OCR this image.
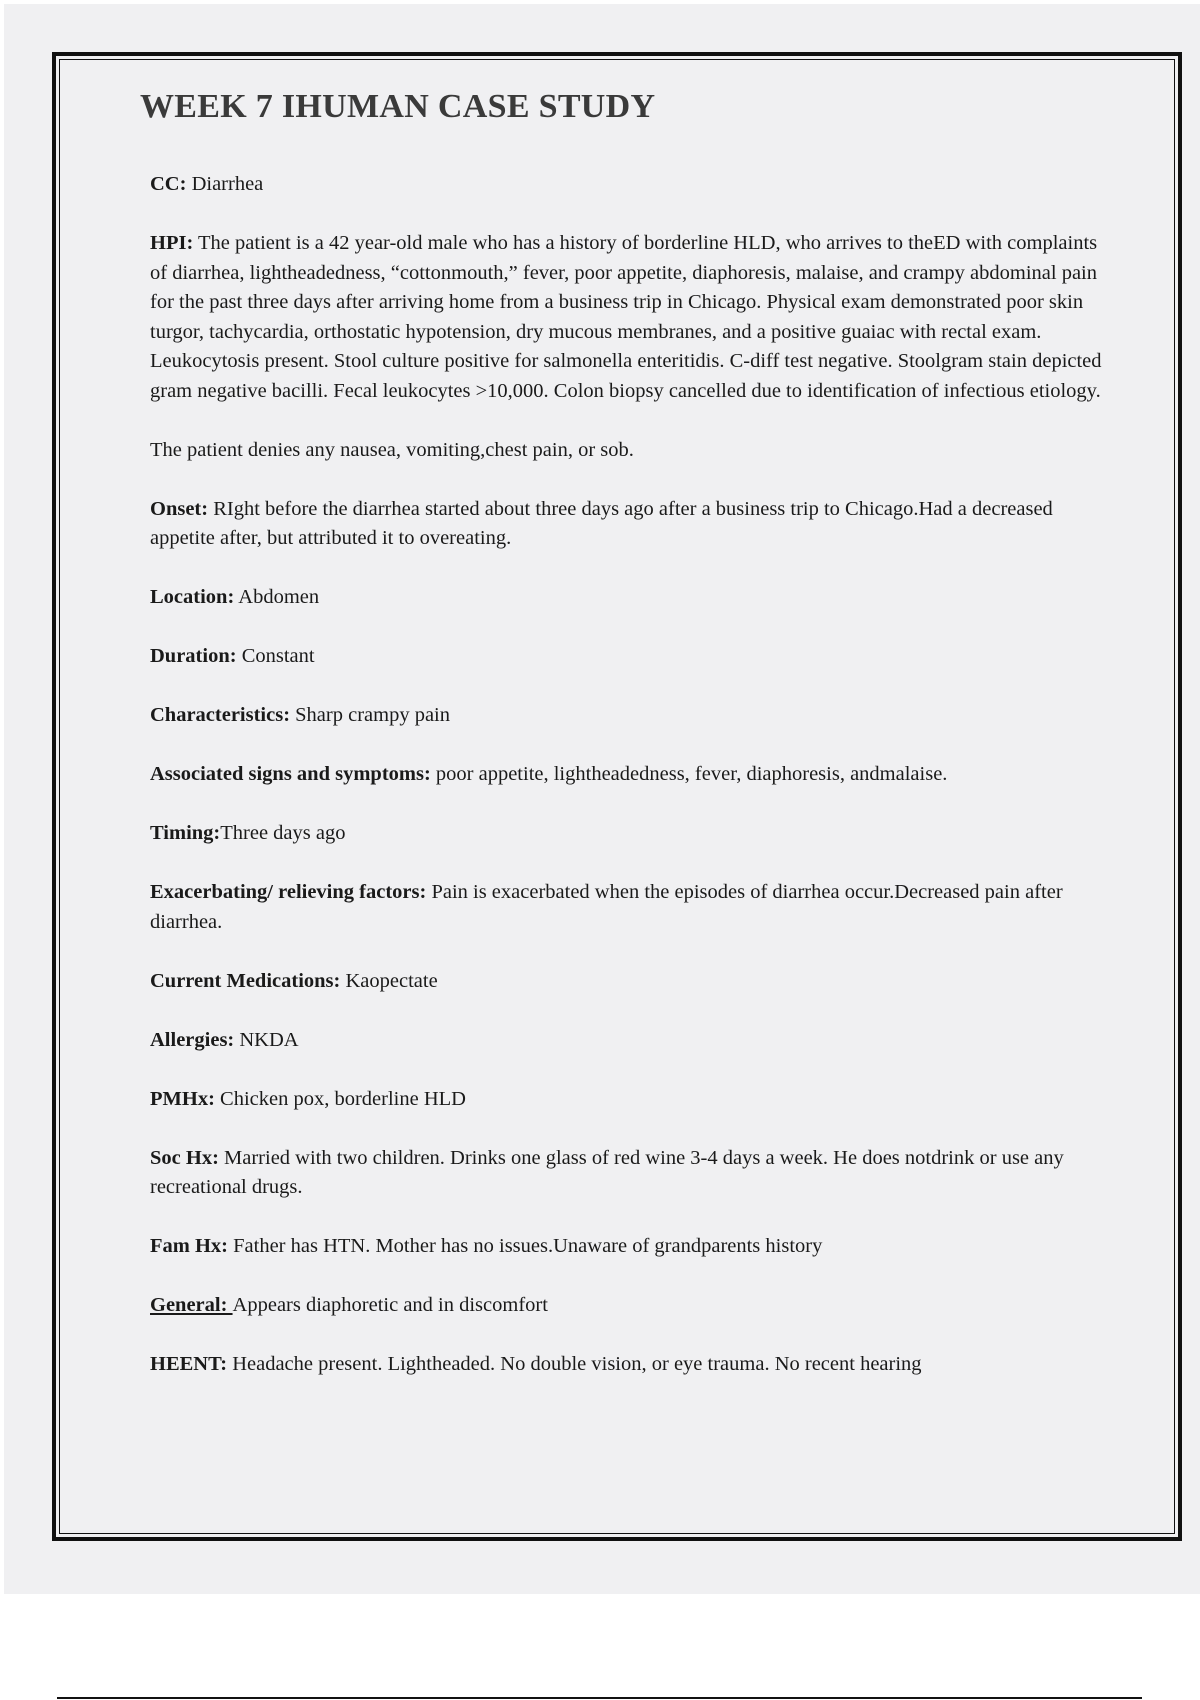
WEEK 7 IHUMAN CASE STUDY

CC: Diarrhea

HPI: The patient is a 42 year-old male who has a history of borderline HLD, who arrives to theED with complaints of diarrhea, lightheadedness, “cottonmouth,” fever, poor appetite, diaphoresis, malaise, and crampy abdominal pain for the past three days after arriving home from a business trip in Chicago. Physical exam demonstrated poor skin turgor, tachycardia, orthostatic hypotension, dry mucous membranes, and a positive guaiac with rectal exam.

Leukocytosis present. Stool culture positive for salmonella enteritidis. C-diff test negative. Stoolgram stain depicted gram negative bacilli. Fecal leukocytes >10,000. Colon biopsy cancelled due to identification of infectious etiology.

The patient denies any nausea, vomiting,chest pain, or sob.

Onset: RIght before the diarrhea started about three days ago after a business trip to Chicago.Had a decreased appetite after, but attributed it to overeating.

Location: Abdomen

Duration: Constant

Characteristics: Sharp crampy pain

Associated signs and symptoms: poor appetite, lightheadedness, fever, diaphoresis, andmalaise.

Timing:Three days ago

Exacerbating/ relieving factors: Pain is exacerbated when the episodes of diarrhea occur.Decreased pain after diarrhea.

Current Medications: Kaopectate

Allergies: NKDA

PMHx: Chicken pox, borderline HLD

Soc Hx: Married with two children. Drinks one glass of red wine 3-4 days a week. He does notdrink or use any recreational drugs.

Fam Hx: Father has HTN. Mother has no issues.Unaware of grandparents history

General: Appears diaphoretic and in discomfort

HEENT: Headache present. Lightheaded. No double vision, or eye trauma. No recent hearing
